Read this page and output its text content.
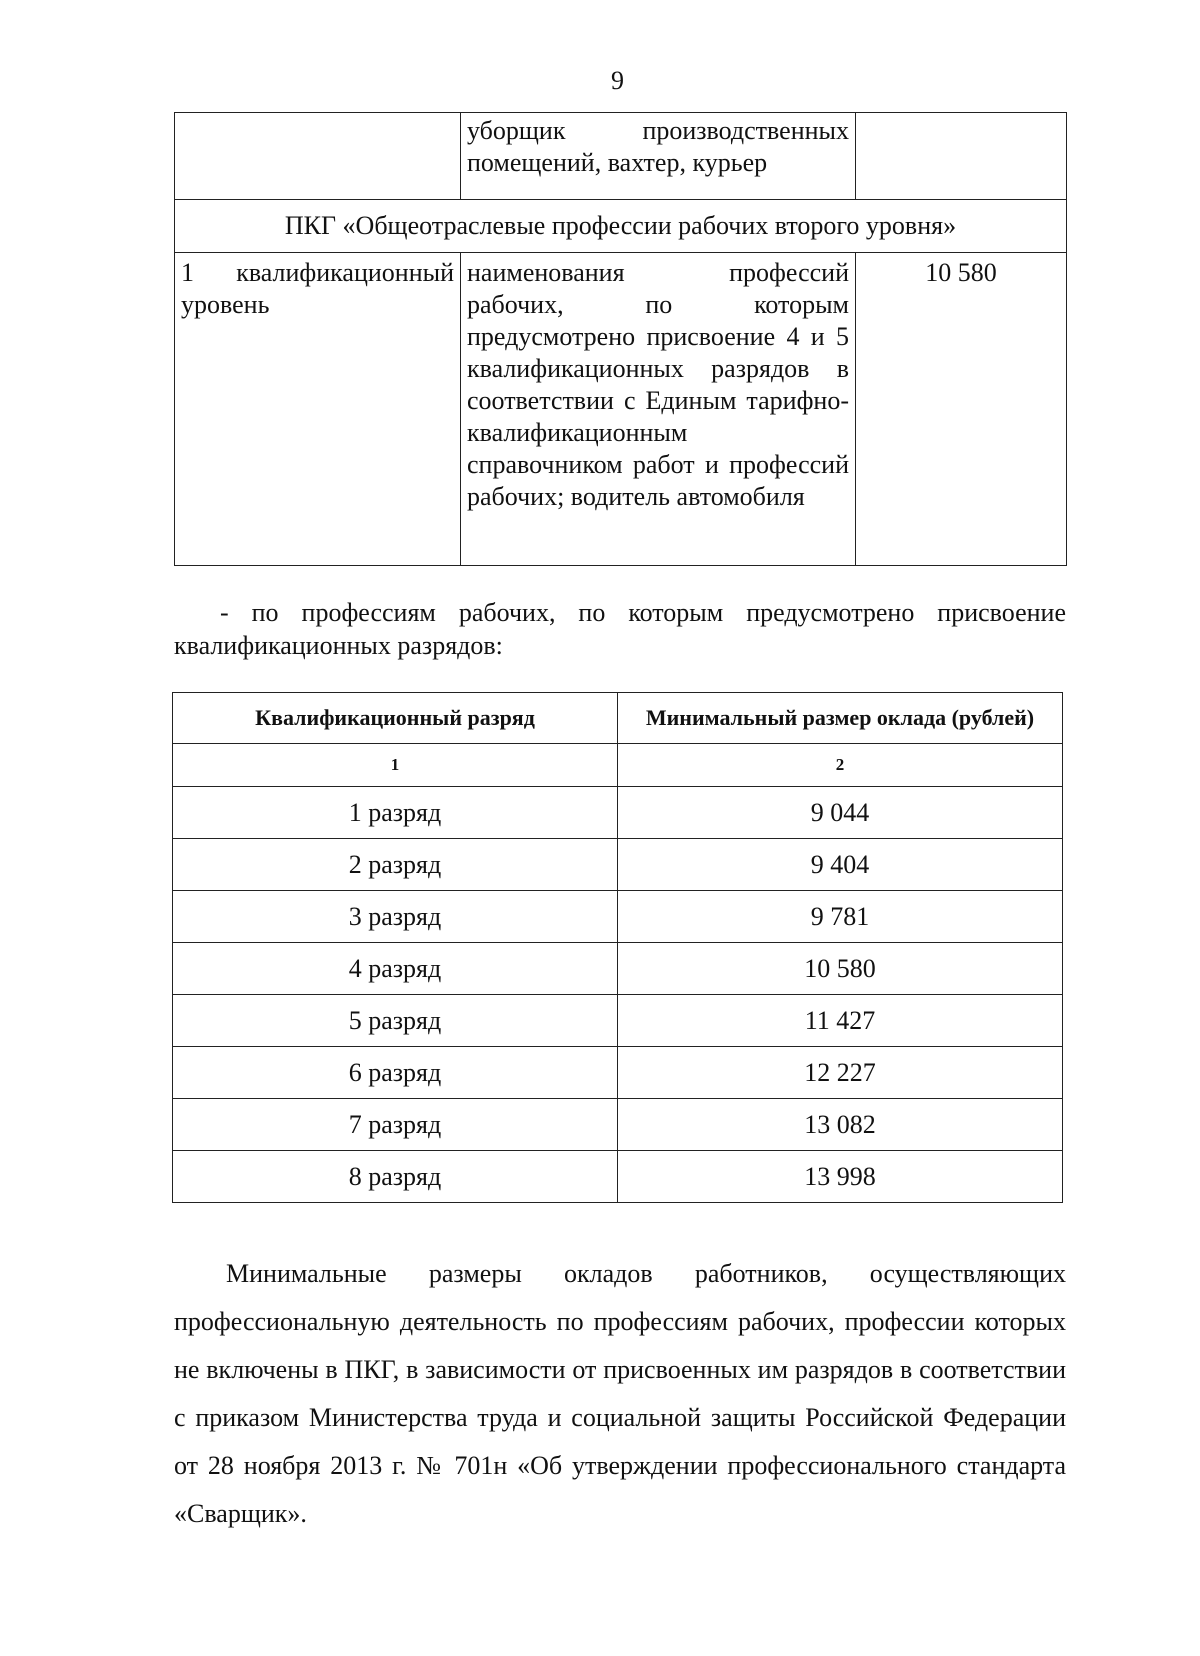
9
	уборщик производственных помещений, вахтер, курьер	
ПКГ «Общеотраслевые профессии рабочих второго уровня»		
1 квалификационный уровень	наименования профессий рабочих, по которым предусмотрено присвоение 4 и 5 квалификационных разрядов в соответствии с Единым тарифно-квалификационным справочником работ и профессий рабочих; водитель автомобиля	10 580

- по профессиям рабочих, по которым предусмотрено присвоение квалификационных разрядов:

Квалификационный разряд	Минимальный размер оклада (рублей)
1	2
1 разряд	9 044
2 разряд	9 404
3 разряд	9 781
4 разряд	10 580
5 разряд	11 427
6 разряд	12 227
7 разряд	13 082
8 разряд	13 998

Минимальные размеры окладов работников, осуществляющих профессиональную деятельность по профессиям рабочих, профессии которых не включены в ПКГ, в зависимости от присвоенных им разрядов в соответствии с приказом Министерства труда и социальной защиты Российской Федерации от 28 ноября 2013 г. № 701н «Об утверждении профессионального стандарта «Сварщик».
